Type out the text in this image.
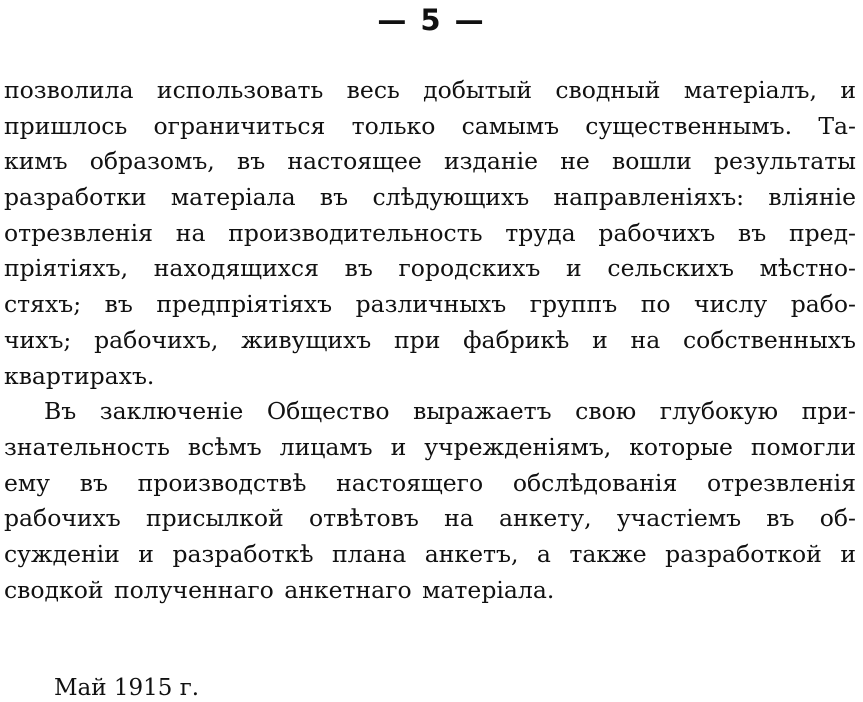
— 5 —
позволила использовать весь добытый сводный матеріалъ, и
пришлось ограничиться только самымъ существеннымъ. Та-
кимъ образомъ, въ настоящее изданіе не вошли результаты
разработки матеріала въ слѣдующихъ направленіяхъ: вліяніе
отрезвленія на производительность труда рабочихъ въ пред-
пріятіяхъ, находящихся въ городскихъ и сельскихъ мѣстно-
стяхъ; въ предпріятіяхъ различныхъ группъ по числу рабо-
чихъ; рабочихъ, живущихъ при фабрикѣ и на собственныхъ
квартирахъ.
Въ заключеніе Общество выражаетъ свою глубокую при-
знательность всѣмъ лицамъ и учрежденіямъ, которые помогли
ему въ производствѣ настоящего обслѣдованія отрезвленія
рабочихъ присылкой отвѣтовъ на анкету, участіемъ въ об-
сужденіи и разработкѣ плана анкетъ, а также разработкой и
сводкой полученнаго анкетнаго матеріала.
Май 1915 г.
